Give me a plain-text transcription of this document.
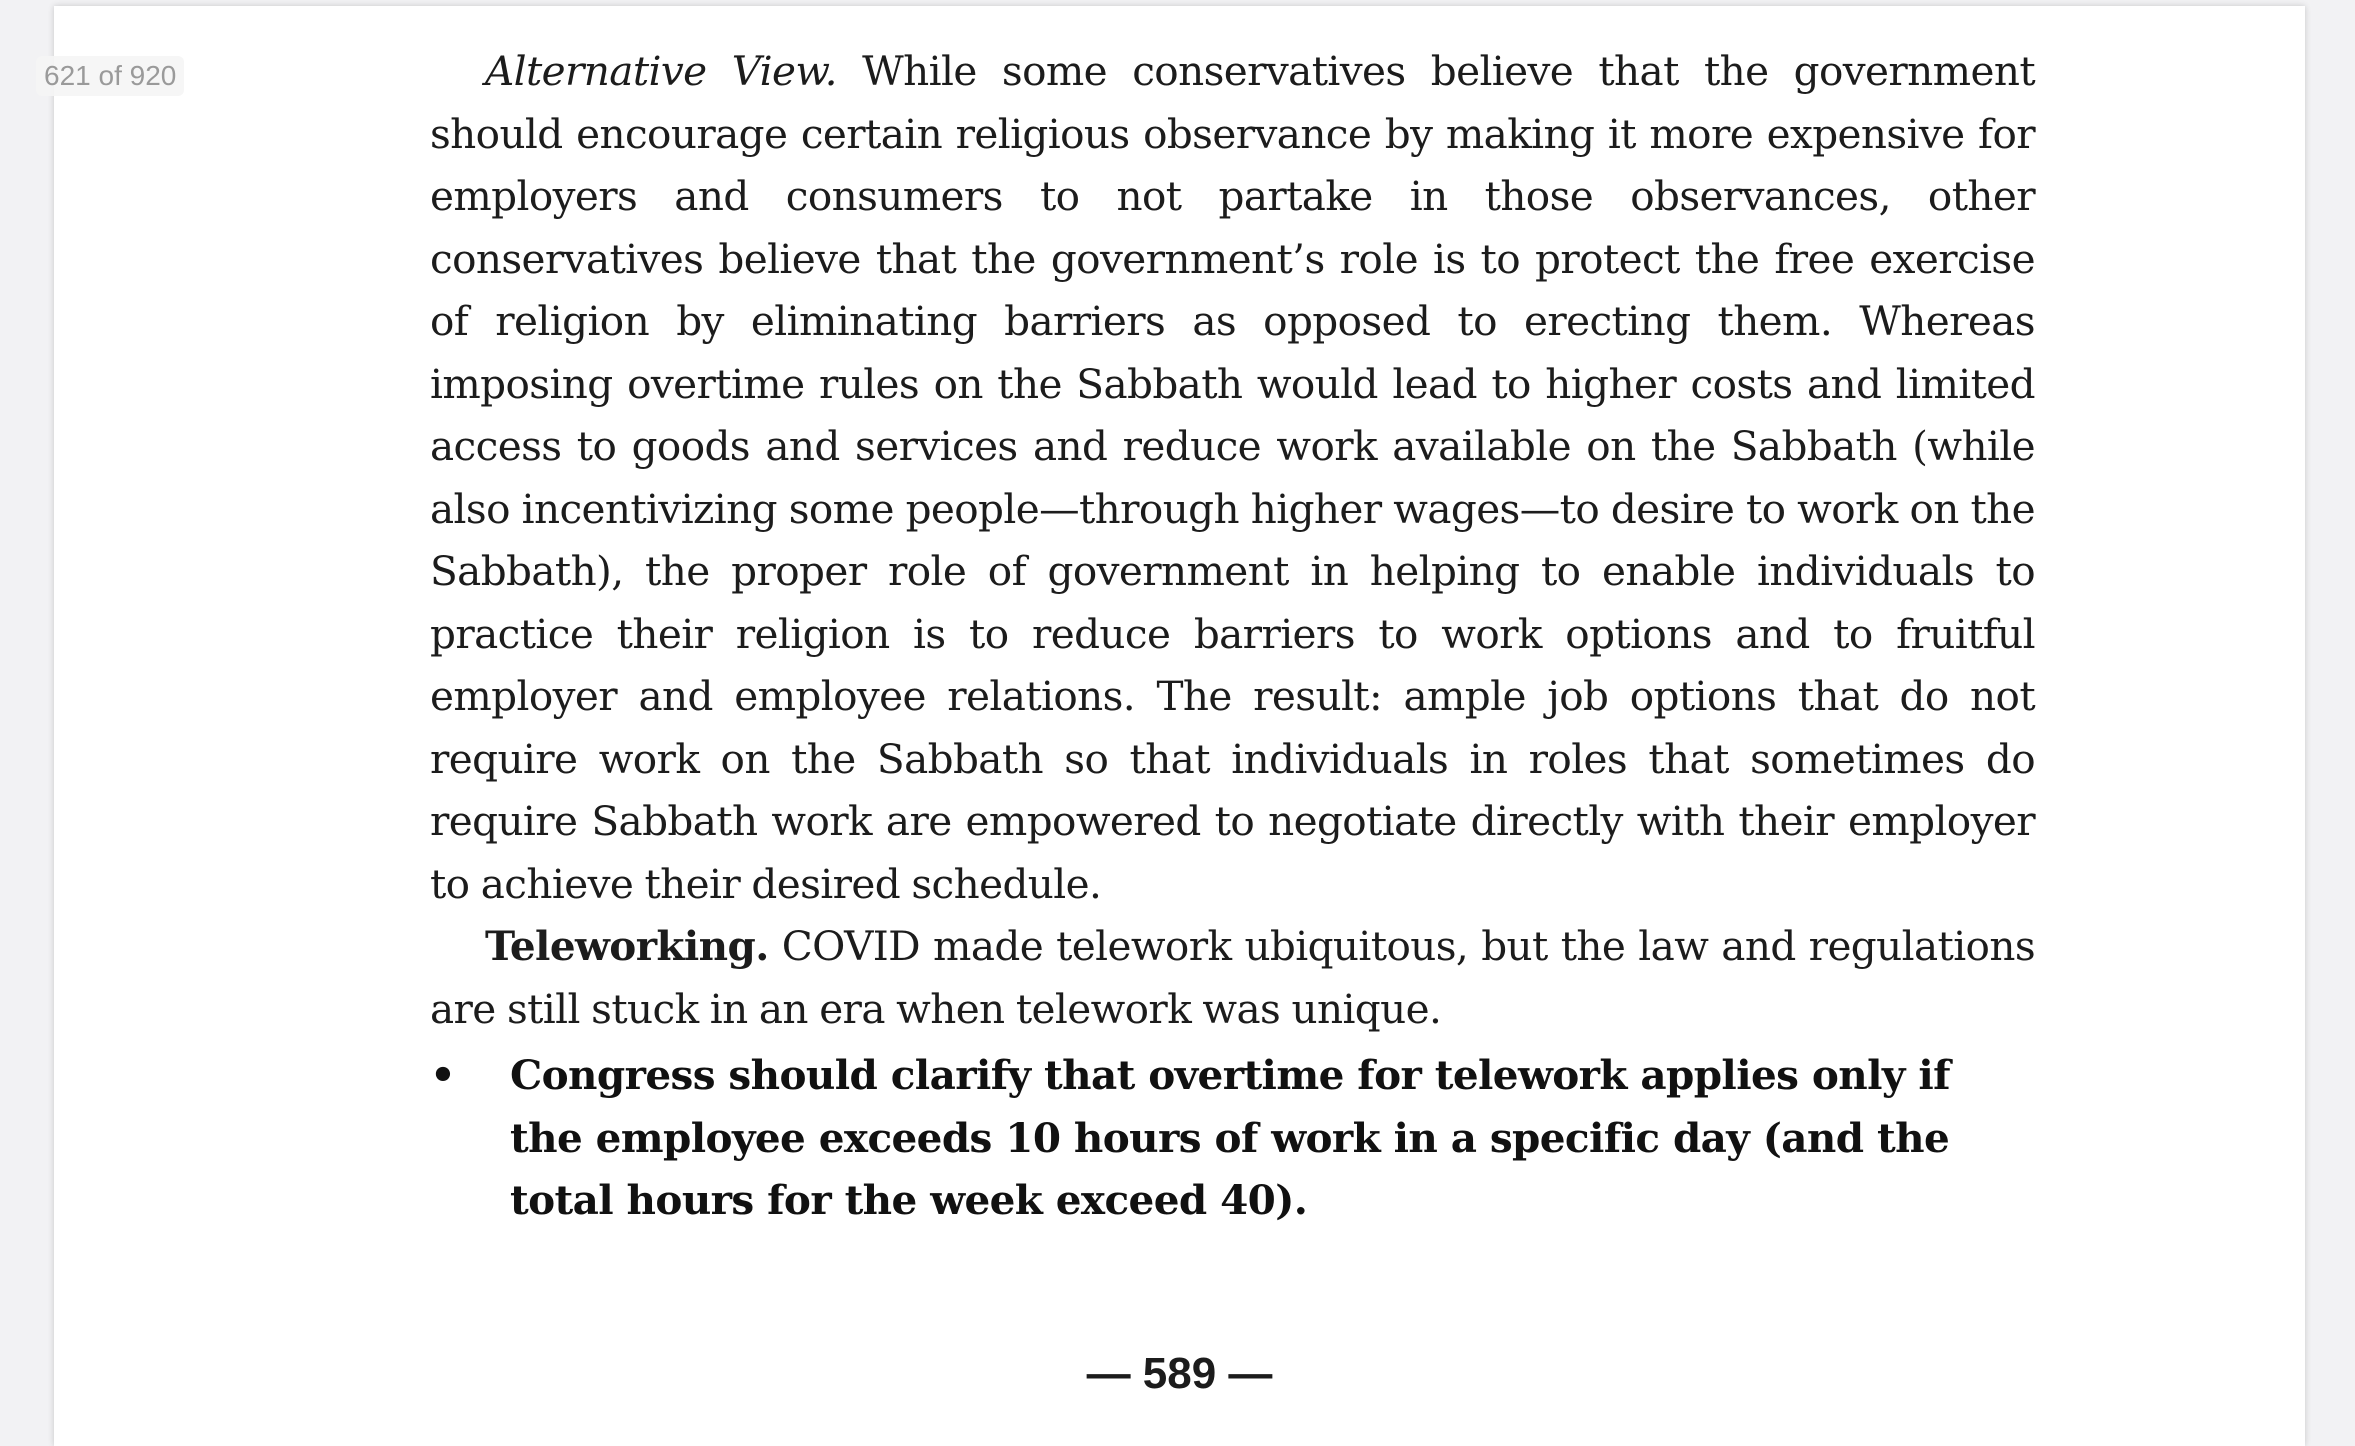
Alternative View. While some conservatives believe that the government should encourage certain religious observance by making it more expensive for employers and consumers to not partake in those observances, other conservatives believe that the government’s role is to protect the free exercise of religion by eliminating barriers as opposed to erecting them. Whereas imposing overtime rules on the Sabbath would lead to higher costs and limited access to goods and services and reduce work available on the Sabbath (while also incentivizing some people—through higher wages—to desire to work on the Sabbath), the proper role of government in helping to enable individuals to practice their religion is to reduce barriers to work options and to fruitful employer and employee relations. The result: ample job options that do not require work on the Sabbath so that individuals in roles that sometimes do require Sabbath work are empowered to negotiate directly with their employer to achieve their desired schedule.

Teleworking. COVID made telework ubiquitous, but the law and regulations are still stuck in an era when telework was unique.

•	Congress should clarify that overtime for telework applies only if the employee exceeds 10 hours of work in a specific day (and the total hours for the week exceed 40).
— 589 —
621 of 920
